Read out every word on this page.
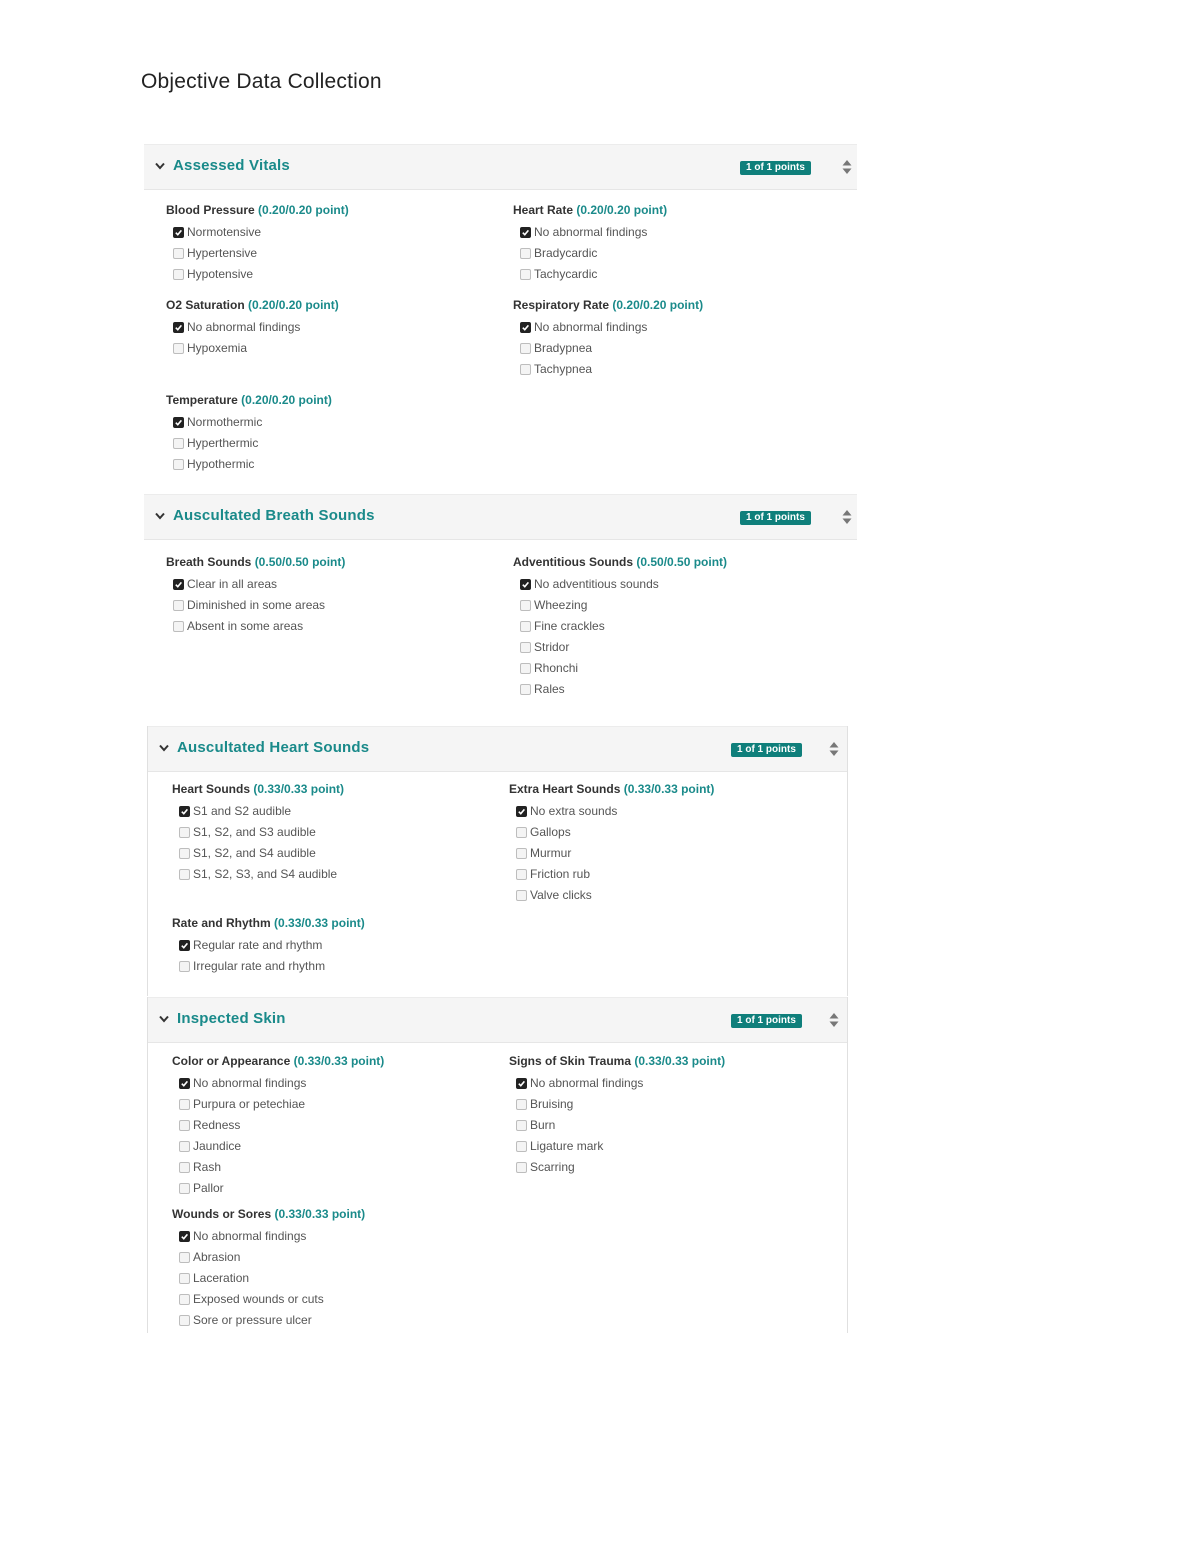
Objective Data Collection
Assessed Vitals	1 of 1 points
Blood Pressure (0.20/0.20 point)
Normotensive
Hypertensive
Hypotensive
Heart Rate (0.20/0.20 point)
No abnormal findings
Bradycardic
Tachycardic
O2 Saturation (0.20/0.20 point)
No abnormal findings
Hypoxemia
Respiratory Rate (0.20/0.20 point)
No abnormal findings
Bradypnea
Tachypnea
Temperature (0.20/0.20 point)
Normothermic
Hyperthermic
Hypothermic
Auscultated Breath Sounds	1 of 1 points
Breath Sounds (0.50/0.50 point)
Clear in all areas
Diminished in some areas
Absent in some areas
Adventitious Sounds (0.50/0.50 point)
No adventitious sounds
Wheezing
Fine crackles
Stridor
Rhonchi
Rales
Auscultated Heart Sounds	1 of 1 points
Heart Sounds (0.33/0.33 point)
S1 and S2 audible
S1, S2, and S3 audible
S1, S2, and S4 audible
S1, S2, S3, and S4 audible
Extra Heart Sounds (0.33/0.33 point)
No extra sounds
Gallops
Murmur
Friction rub
Valve clicks
Rate and Rhythm (0.33/0.33 point)
Regular rate and rhythm
Irregular rate and rhythm
Inspected Skin	1 of 1 points
Color or Appearance (0.33/0.33 point)
No abnormal findings
Purpura or petechiae
Redness
Jaundice
Rash
Pallor
Signs of Skin Trauma (0.33/0.33 point)
No abnormal findings
Bruising
Burn
Ligature mark
Scarring
Wounds or Sores (0.33/0.33 point)
No abnormal findings
Abrasion
Laceration
Exposed wounds or cuts
Sore or pressure ulcer
